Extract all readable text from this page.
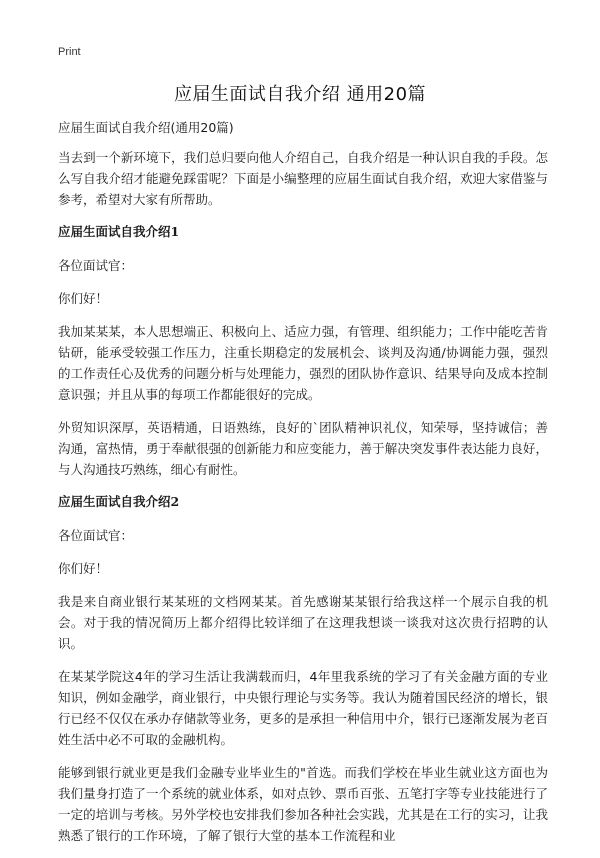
Print
应届生面试自我介绍 通用20篇

应届生面试自我介绍(通用20篇)

当去到一个新环境下，我们总归要向他人介绍自己，自我介绍是一种认识自我的手段。怎么写自我介绍才能避免踩雷呢？下面是小编整理的应届生面试自我介绍，欢迎大家借鉴与参考，希望对大家有所帮助。

应届生面试自我介绍1

各位面试官：

你们好！

我加某某某，本人思想端正、积极向上、适应力强，有管理、组织能力；工作中能吃苦肯钻研，能承受较强工作压力，注重长期稳定的发展机会、谈判及沟通/协调能力强，强烈的工作责任心及优秀的问题分析与处理能力，强烈的团队协作意识、结果导向及成本控制意识强；并且从事的每项工作都能很好的完成。

外贸知识深厚，英语精通，日语熟练，良好的`团队精神识礼仪，知荣辱，坚持诚信；善沟通，富热情，勇于奉献很强的创新能力和应变能力，善于解决突发事件表达能力良好，与人沟通技巧熟练，细心有耐性。

应届生面试自我介绍2

各位面试官：

你们好！

我是来自商业银行某某班的文档网某某。首先感谢某某银行给我这样一个展示自我的机会。对于我的情况简历上都介绍得比较详细了在这理我想谈一谈我对这次贵行招聘的认识。

在某某学院这4年的学习生活让我满载而归，4年里我系统的学习了有关金融方面的专业知识，例如金融学，商业银行，中央银行理论与实务等。我认为随着国民经济的增长，银行已经不仅仅在承办存储款等业务，更多的是承担一种信用中介，银行已逐渐发展为老百姓生活中必不可取的金融机构。

能够到银行就业更是我们金融专业毕业生的"首选。而我们学校在毕业生就业这方面也为我们量身打造了一个系统的就业体系，如对点钞、票币百张、五笔打字等专业技能进行了一定的培训与考核。另外学校也安排我们参加各种社会实践，尤其是在工行的实习，让我熟悉了银行的工作环境，了解了银行大堂的基本工作流程和业
